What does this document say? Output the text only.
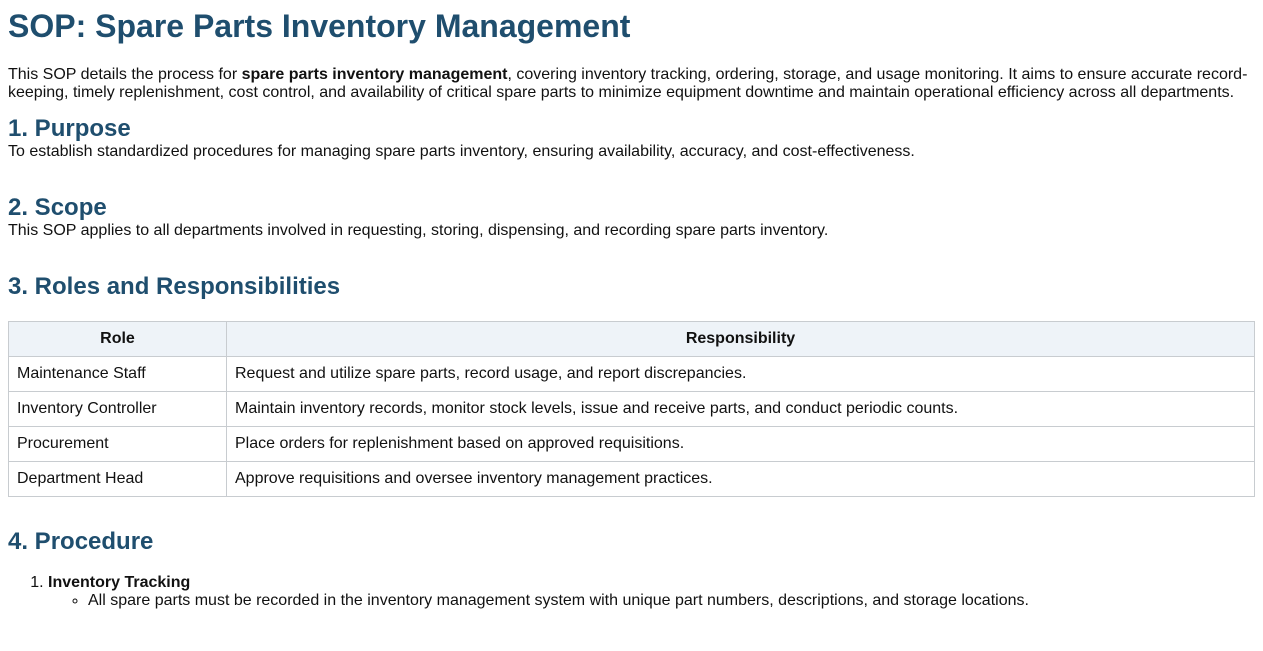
SOP: Spare Parts Inventory Management

This SOP details the process for spare parts inventory management, covering inventory tracking, ordering, storage, and usage monitoring. It aims to ensure accurate record-keeping, timely replenishment, cost control, and availability of critical spare parts to minimize equipment downtime and maintain operational efficiency across all departments.

1. Purpose

To establish standardized procedures for managing spare parts inventory, ensuring availability, accuracy, and cost-effectiveness.

2. Scope

This SOP applies to all departments involved in requesting, storing, dispensing, and recording spare parts inventory.

3. Roles and Responsibilities
Role	Responsibility
Maintenance Staff	Request and utilize spare parts, record usage, and report discrepancies.
Inventory Controller	Maintain inventory records, monitor stock levels, issue and receive parts, and conduct periodic counts.
Procurement	Place orders for replenishment based on approved requisitions.
Department Head	Approve requisitions and oversee inventory management practices.
4. Procedure
1. Inventory Tracking
◦ All spare parts must be recorded in the inventory management system with unique part numbers, descriptions, and storage locations.
